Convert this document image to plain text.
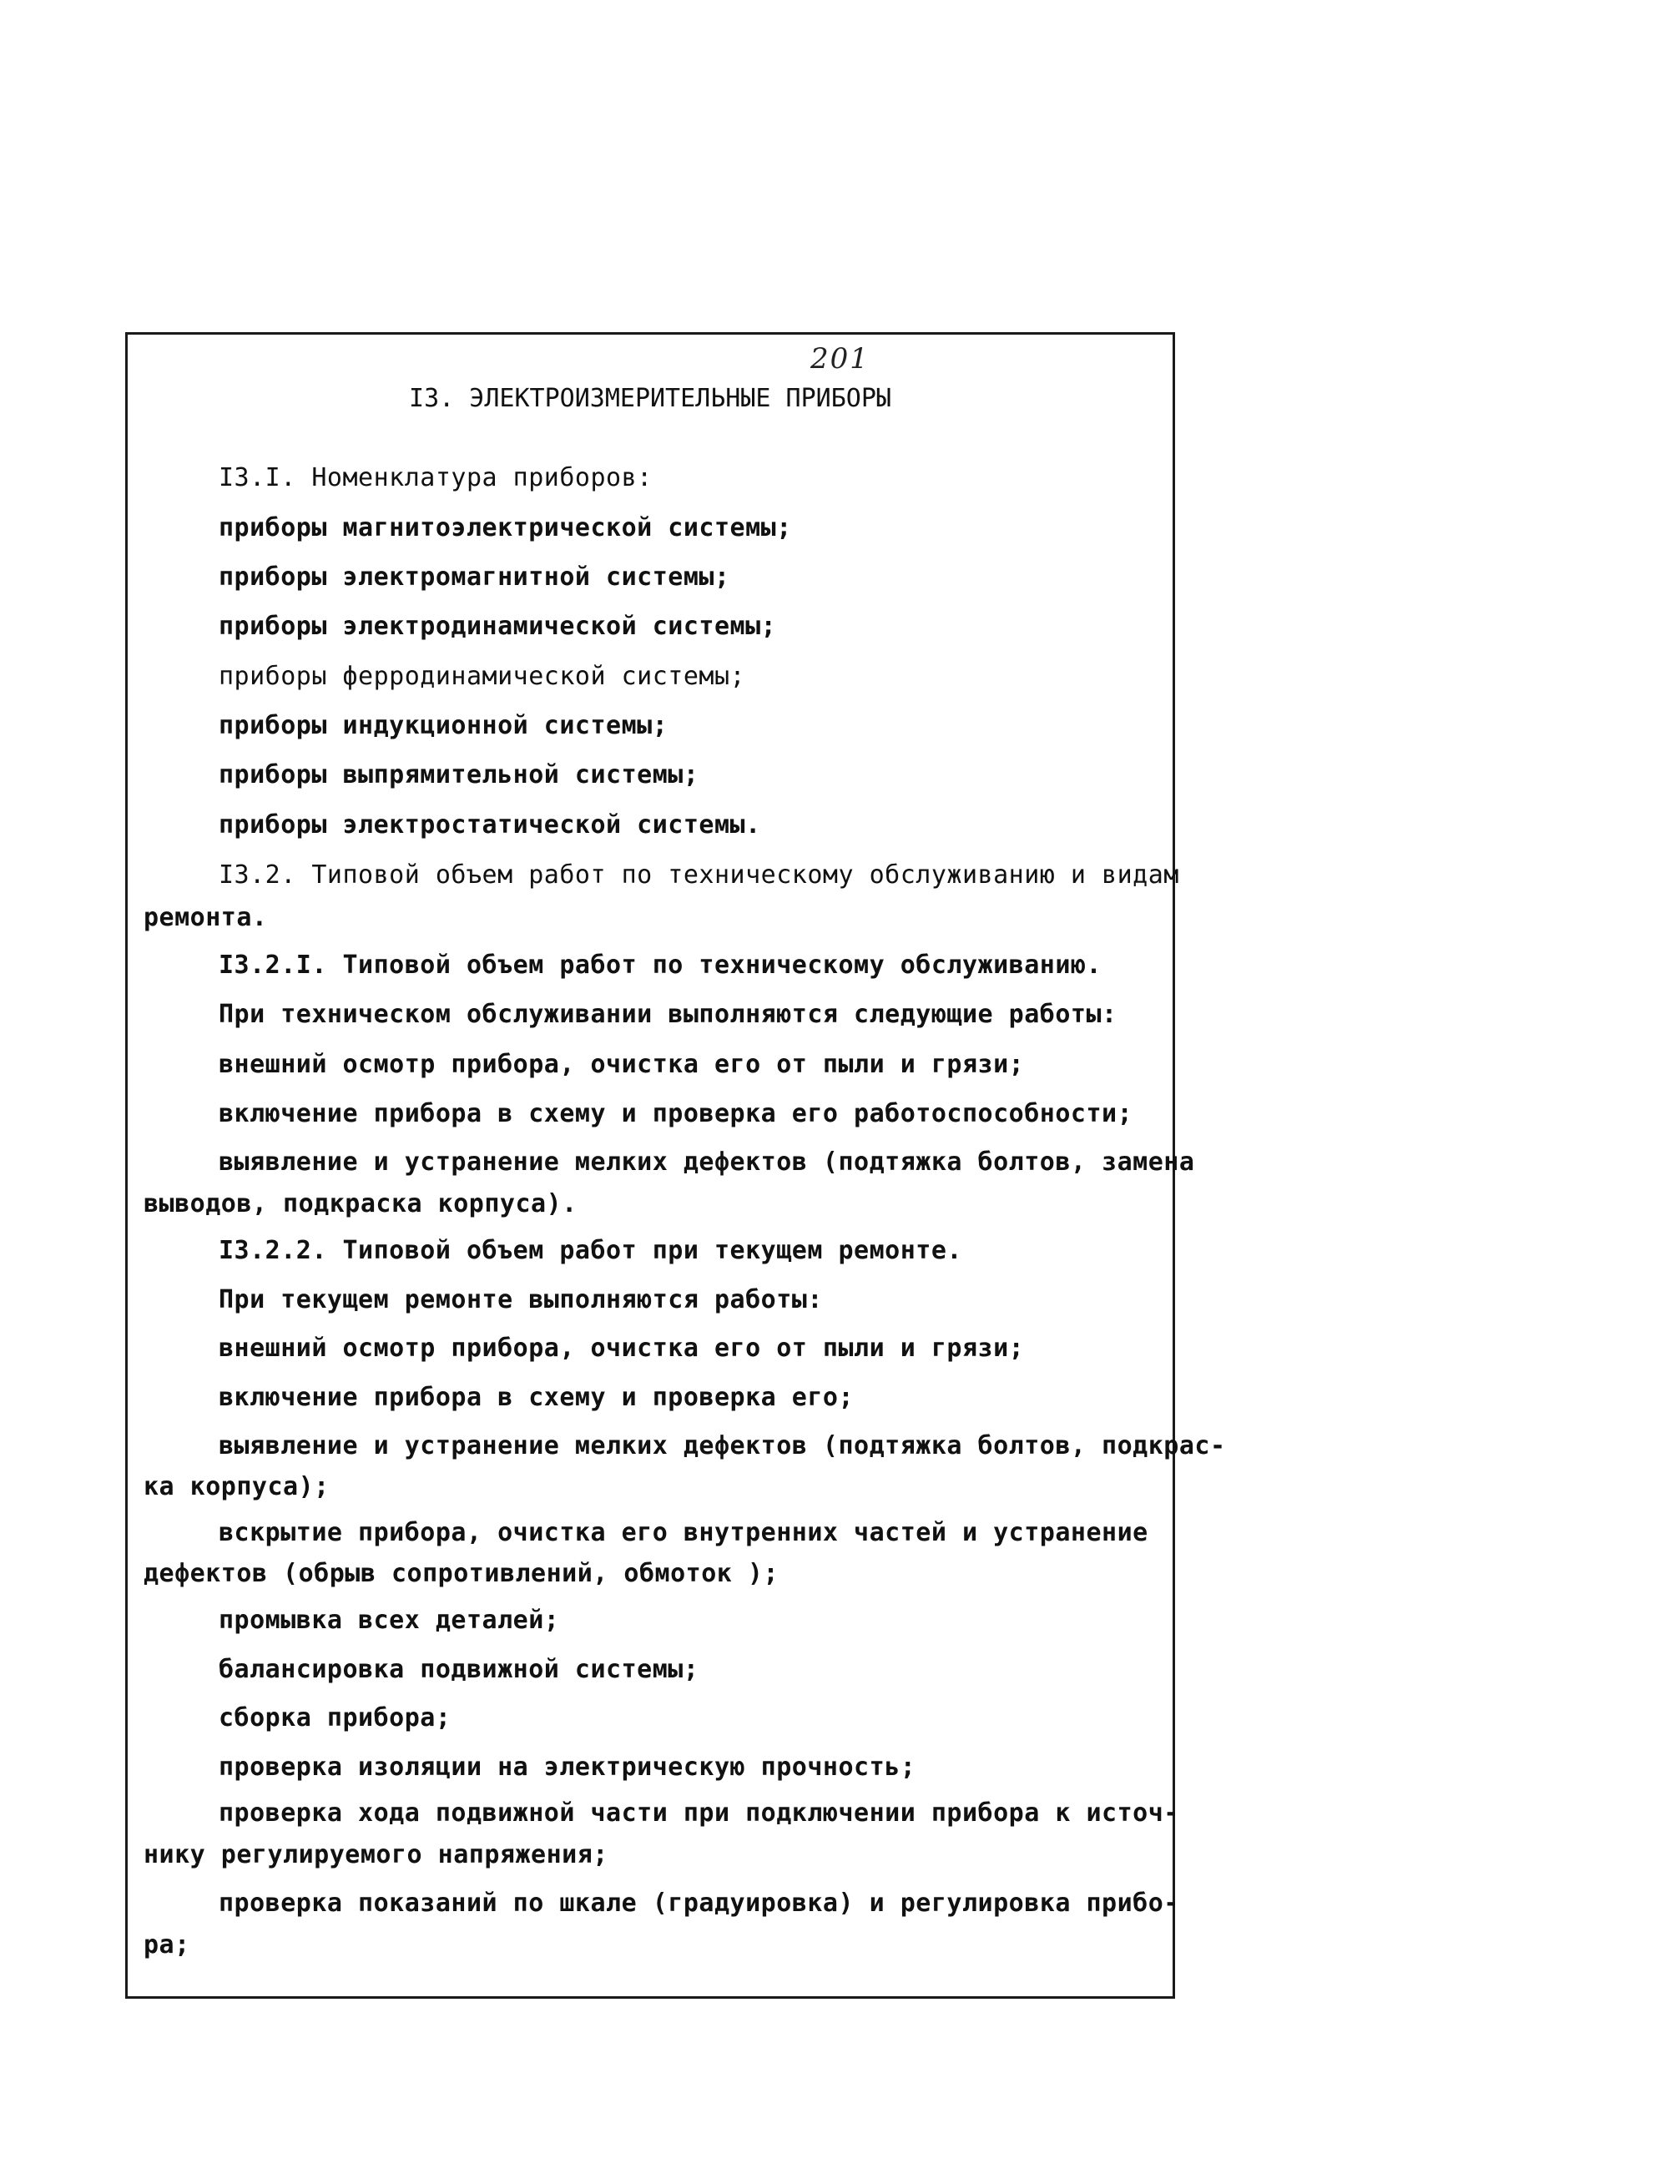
201
I3. ЭЛЕКТРОИЗМЕРИТЕЛЬНЫЕ ПРИБОРЫ
I3.I. Номенклатура приборов:
приборы магнитоэлектрической системы;
приборы электромагнитной системы;
приборы электродинамической системы;
приборы ферродинамической системы;
приборы индукционной системы;
приборы выпрямительной системы;
приборы электростатической системы.
I3.2. Типовой объем работ по техническому обслуживанию и видам
ремонта.
I3.2.I. Типовой объем работ по техническому обслуживанию.
При техническом обслуживании выполняются следующие работы:
внешний осмотр прибора, очистка его от пыли и грязи;
включение прибора в схему и проверка его работоспособности;
выявление и устранение мелких дефектов (подтяжка болтов, замена
выводов, подкраска корпуса).
I3.2.2. Типовой объем работ при текущем ремонте.
При текущем ремонте выполняются работы:
внешний осмотр прибора, очистка его от пыли и грязи;
включение прибора в схему и проверка его;
выявление и устранение мелких дефектов (подтяжка болтов, подкрас-
ка корпуса);
вскрытие прибора, очистка его внутренних частей и устранение
дефектов (обрыв сопротивлений, обмоток );
промывка всех деталей;
балансировка подвижной системы;
сборка прибора;
проверка изоляции на электрическую прочность;
проверка хода подвижной части при подключении прибора к источ-
нику регулируемого напряжения;
проверка показаний по шкале (градуировка) и регулировка прибо-
ра;
